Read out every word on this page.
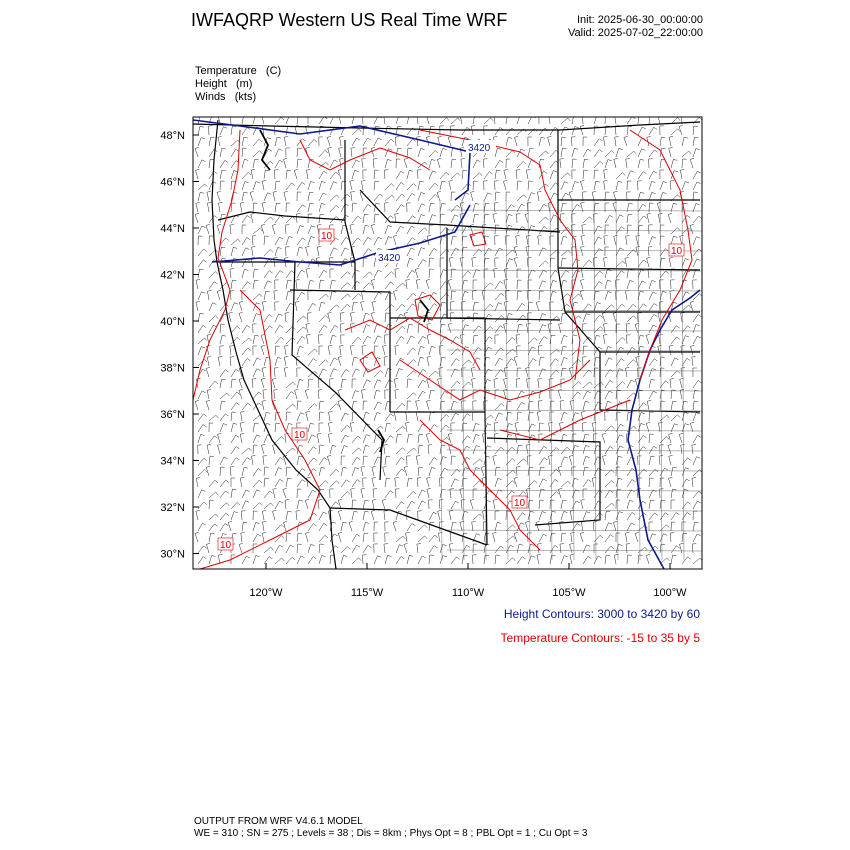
IWFAQRP Western US Real Time WRF	Init: 2025-06-30_00:00:00
Valid: 2025-07-02_22:00:00
Temperature   (C)
Height   (m)
Winds   (kts)
48°N
46°N
44°N
42°N
40°N
38°N
36°N
34°N
32°N
30°N
120°W	115°W	110°W	105°W	100°W
3420
3420
10
10
10
10
10
Height Contours: 3000 to 3420 by 60
Temperature Contours: -15 to 35 by 5
OUTPUT FROM WRF V4.6.1 MODEL
WE = 310 ; SN = 275 ; Levels = 38 ; Dis = 8km ; Phys Opt = 8 ; PBL Opt = 1 ; Cu Opt = 3
